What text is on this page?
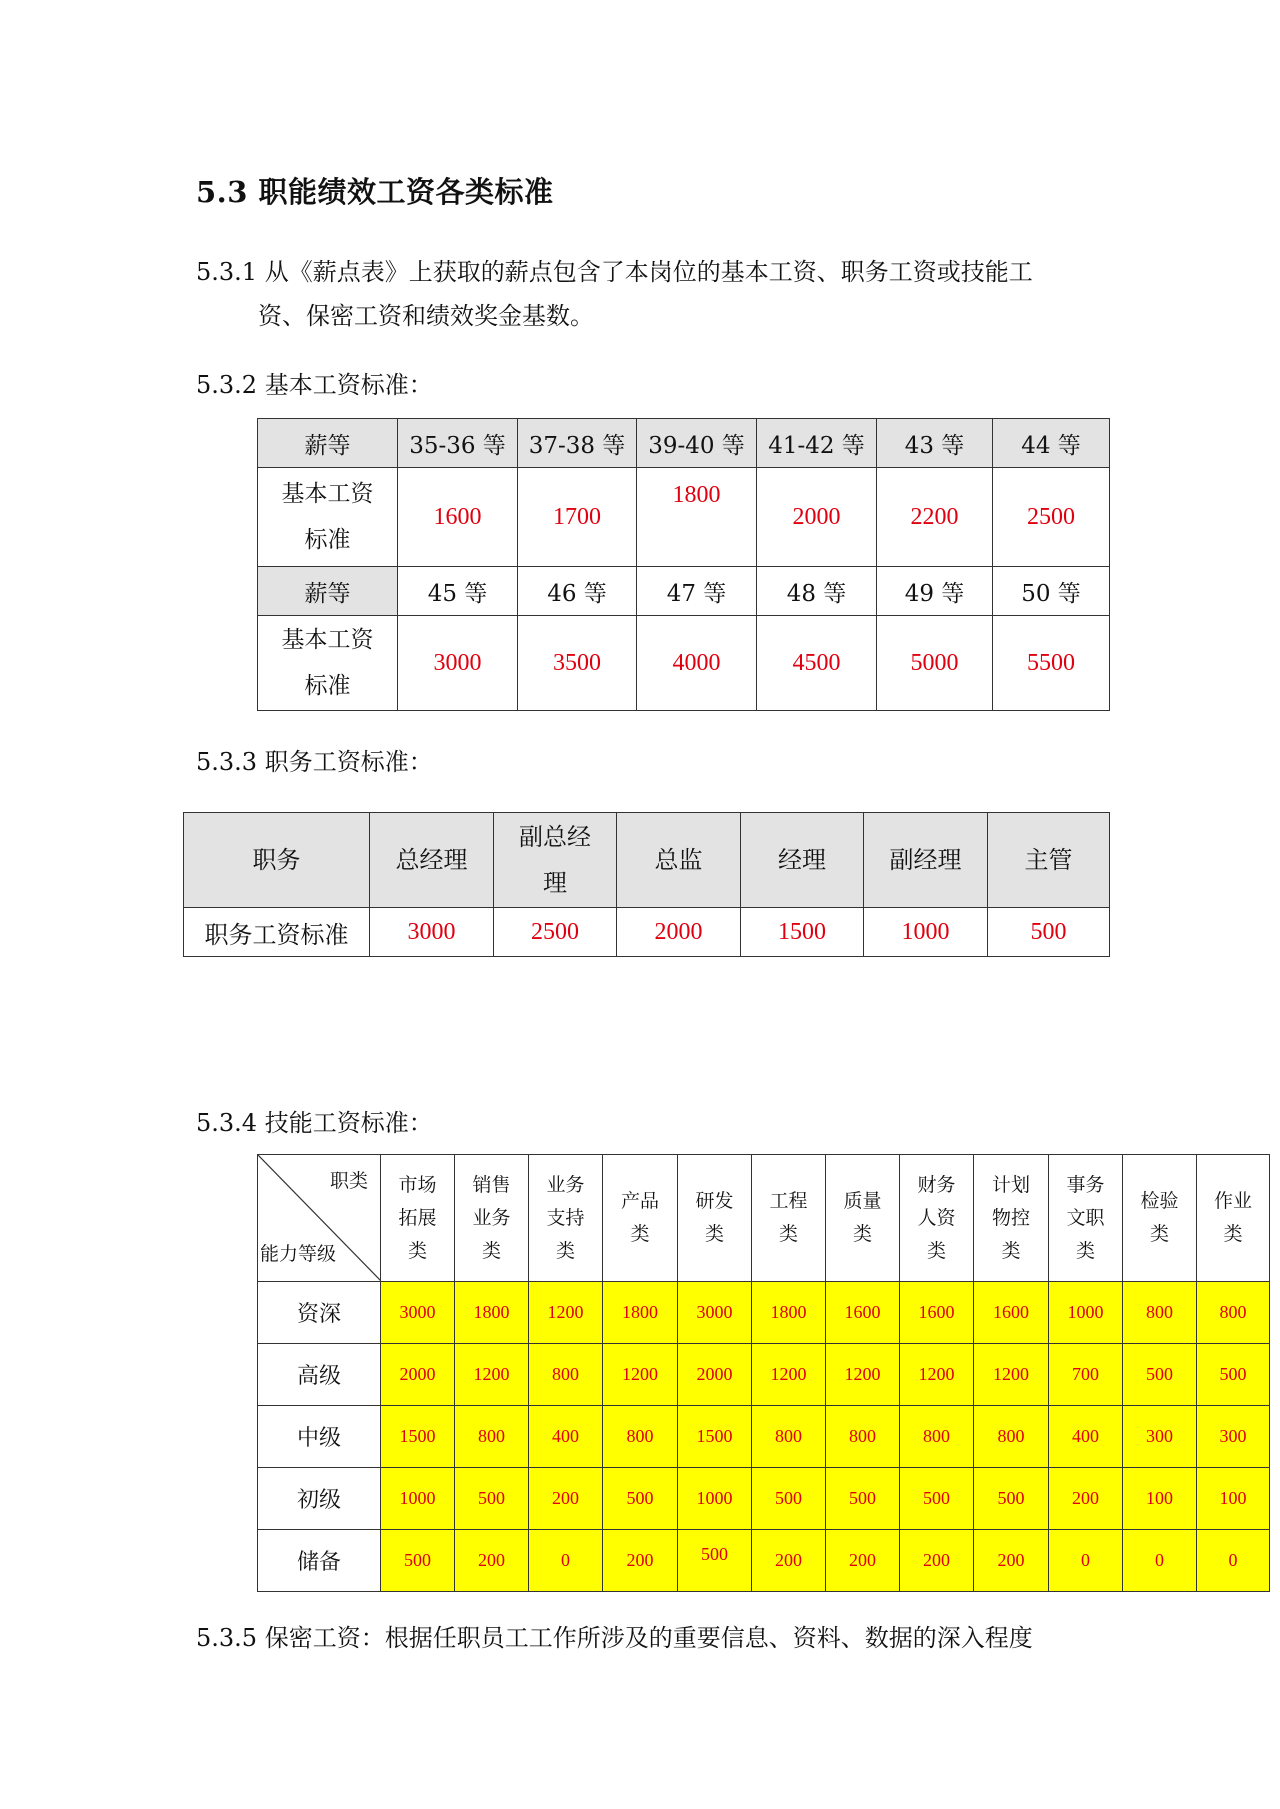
5.3 职能绩效工资各类标准
5.3.1 从《薪点表》上获取的薪点包含了本岗位的基本工资、职务工资或技能工
资、保密工资和绩效奖金基数。
5.3.2 基本工资标准：
薪等	35-36 等	37-38 等	39-40 等	41-42 等	43 等	44 等
基本工资
标准	1600	1700	1800	2000	2200	2500
薪等	45 等	46 等	47 等	48 等	49 等	50 等
基本工资
标准	3000	3500	4000	4500	5000	5500
5.3.3 职务工资标准：
职务	总经理	副总经
理	总监	经理	副经理	主管
职务工资标准	3000	2500	2000	1500	1000	500
5.3.4 技能工资标准：
职类
能力等级	市场
拓展
类	销售
业务
类	业务
支持
类	产品
类	研发
类	工程
类	质量
类	财务
人资
类	计划
物控
类	事务
文职
类	检验
类	作业
类
资深	3000	1800	1200	1800	3000	1800	1600	1600	1600	1000	800	800
高级	2000	1200	800	1200	2000	1200	1200	1200	1200	700	500	500
中级	1500	800	400	800	1500	800	800	800	800	400	300	300
初级	1000	500	200	500	1000	500	500	500	500	200	100	100
储备	500	200	0	200	500	200	200	200	200	0	0	0
5.3.5 保密工资：根据任职员工工作所涉及的重要信息、资料、数据的深入程度
